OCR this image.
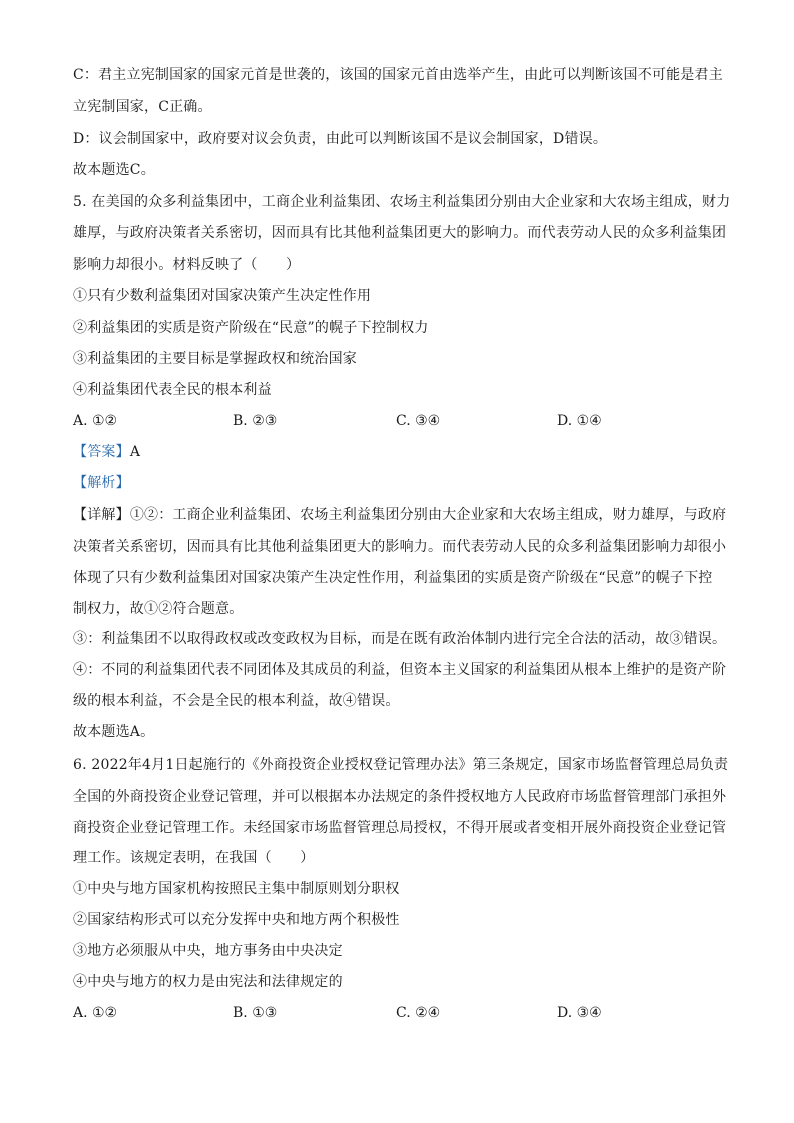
C：君主立宪制国家的国家元首是世袭的，该国的国家元首由选举产生，由此可以判断该国不可能是君主
立宪制国家，C正确。
D：议会制国家中，政府要对议会负责，由此可以判断该国不是议会制国家，D错误。
故本题选C。
5. 在美国的众多利益集团中，工商企业利益集团、农场主利益集团分别由大企业家和大农场主组成，财力
雄厚，与政府决策者关系密切，因而具有比其他利益集团更大的影响力。而代表劳动人民的众多利益集团
影响力却很小。材料反映了（　　）
①只有少数利益集团对国家决策产生决定性作用
②利益集团的实质是资产阶级在“民意”的幌子下控制权力
③利益集团的主要目标是掌握政权和统治国家
④利益集团代表全民的根本利益
A. ①②	B. ②③	C. ③④	D. ①④
【答案】A
【解析】
【详解】①②：工商企业利益集团、农场主利益集团分别由大企业家和大农场主组成，财力雄厚，与政府
决策者关系密切，因而具有比其他利益集团更大的影响力。而代表劳动人民的众多利益集团影响力却很小
体现了只有少数利益集团对国家决策产生决定性作用，利益集团的实质是资产阶级在“民意”的幌子下控
制权力，故①②符合题意。
③：利益集团不以取得政权或改变政权为目标，而是在既有政治体制内进行完全合法的活动，故③错误。
④：不同的利益集团代表不同团体及其成员的利益，但资本主义国家的利益集团从根本上维护的是资产阶
级的根本利益，不会是全民的根本利益，故④错误。
故本题选A。
6. 2022年4月1日起施行的《外商投资企业授权登记管理办法》第三条规定，国家市场监督管理总局负责
全国的外商投资企业登记管理，并可以根据本办法规定的条件授权地方人民政府市场监督管理部门承担外
商投资企业登记管理工作。未经国家市场监督管理总局授权，不得开展或者变相开展外商投资企业登记管
理工作。该规定表明，在我国（　　）
①中央与地方国家机构按照民主集中制原则划分职权
②国家结构形式可以充分发挥中央和地方两个积极性
③地方必须服从中央，地方事务由中央决定
④中央与地方的权力是由宪法和法律规定的
A. ①②	B. ①③	C. ②④	D. ③④
